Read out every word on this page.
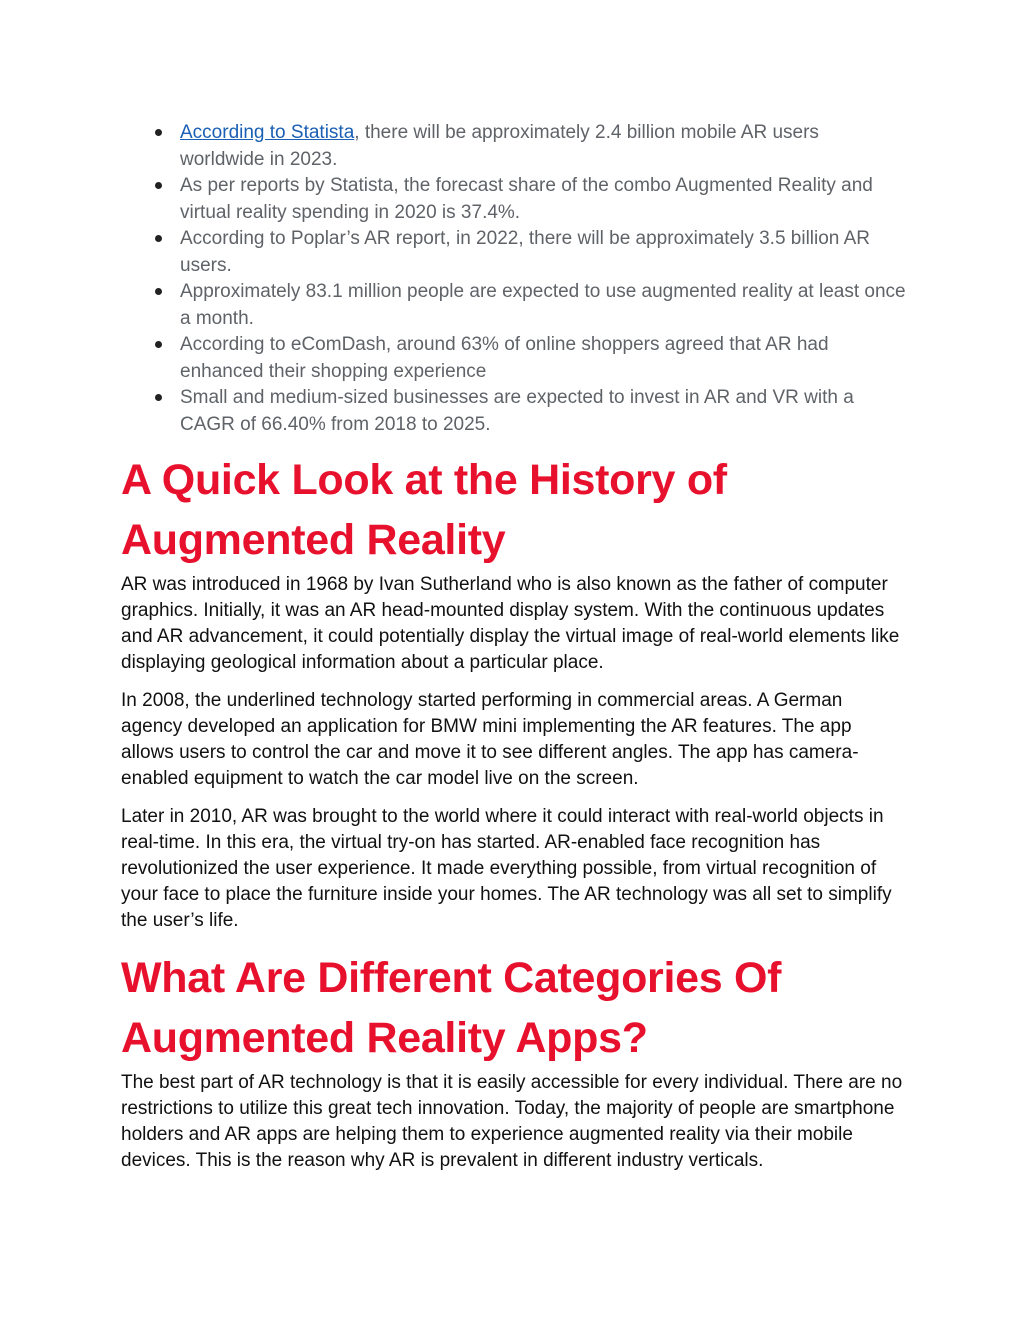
According to Statista, there will be approximately 2.4 billion mobile AR users worldwide in 2023.
As per reports by Statista, the forecast share of the combo Augmented Reality and virtual reality spending in 2020 is 37.4%.
According to Poplar’s AR report, in 2022, there will be approximately 3.5 billion AR users.
Approximately 83.1 million people are expected to use augmented reality at least once a month.
According to eComDash, around 63% of online shoppers agreed that AR had enhanced their shopping experience
Small and medium-sized businesses are expected to invest in AR and VR with a CAGR of 66.40% from 2018 to 2025.
A Quick Look at the History of Augmented Reality

AR was introduced in 1968 by Ivan Sutherland who is also known as the father of computer graphics. Initially, it was an AR head-mounted display system. With the continuous updates and AR advancement, it could potentially display the virtual image of real-world elements like displaying geological information about a particular place.

In 2008, the underlined technology started performing in commercial areas. A German agency developed an application for BMW mini implementing the AR features. The app allows users to control the car and move it to see different angles. The app has camera-enabled equipment to watch the car model live on the screen.

Later in 2010, AR was brought to the world where it could interact with real-world objects in real-time. In this era, the virtual try-on has started. AR-enabled face recognition has revolutionized the user experience. It made everything possible, from virtual recognition of your face to place the furniture inside your homes. The AR technology was all set to simplify the user’s life.

What Are Different Categories Of Augmented Reality Apps?

The best part of AR technology is that it is easily accessible for every individual. There are no restrictions to utilize this great tech innovation. Today, the majority of people are smartphone holders and AR apps are helping them to experience augmented reality via their mobile devices. This is the reason why AR is prevalent in different industry verticals.
